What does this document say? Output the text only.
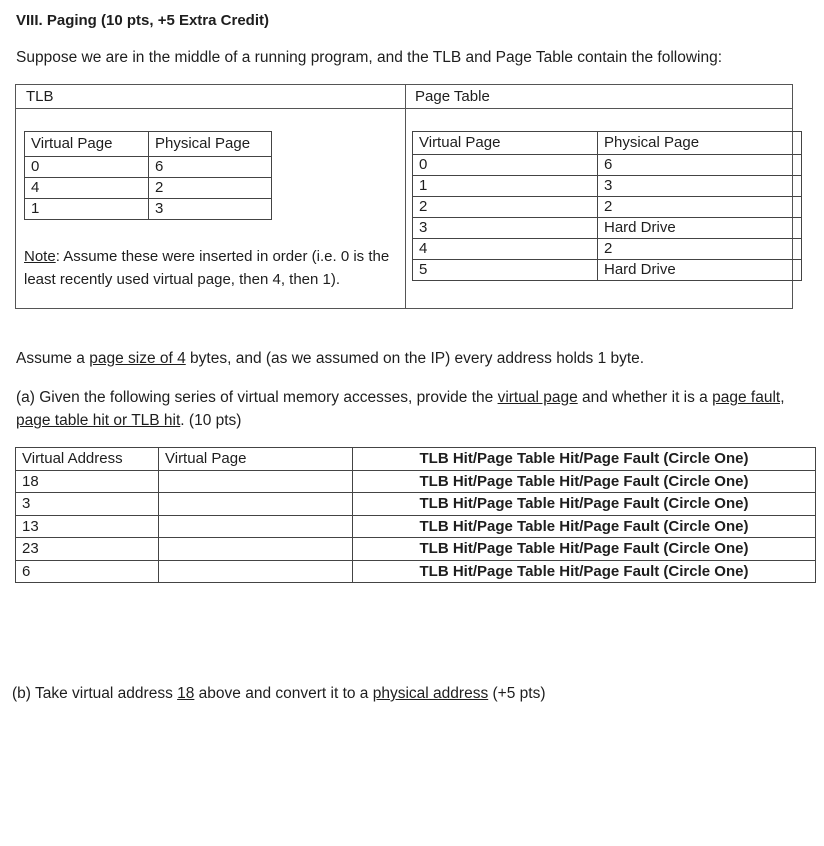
VIII. Paging (10 pts, +5 Extra Credit)
Suppose we are in the middle of a running program, and the TLB and Page Table contain the following:
TLB	Page Table
Virtual Page	Physical Page
0	6
4	2
1	3
Virtual Page	Physical Page
0	6
1	3
2	2
3	Hard Drive
4	2
5	Hard Drive
Note: Assume these were inserted in order (i.e. 0 is the least recently used virtual page, then 4, then 1).
Assume a page size of 4 bytes, and (as we assumed on the IP) every address holds 1 byte.
(a) Given the following series of virtual memory accesses, provide the virtual page and whether it is a page fault, page table hit or TLB hit. (10 pts)
Virtual Address	Virtual Page	TLB Hit/Page Table Hit/Page Fault (Circle One)
18		TLB Hit/Page Table Hit/Page Fault (Circle One)
3		TLB Hit/Page Table Hit/Page Fault (Circle One)
13		TLB Hit/Page Table Hit/Page Fault (Circle One)
23		TLB Hit/Page Table Hit/Page Fault (Circle One)
6		TLB Hit/Page Table Hit/Page Fault (Circle One)
(b) Take virtual address 18 above and convert it to a physical address (+5 pts)
